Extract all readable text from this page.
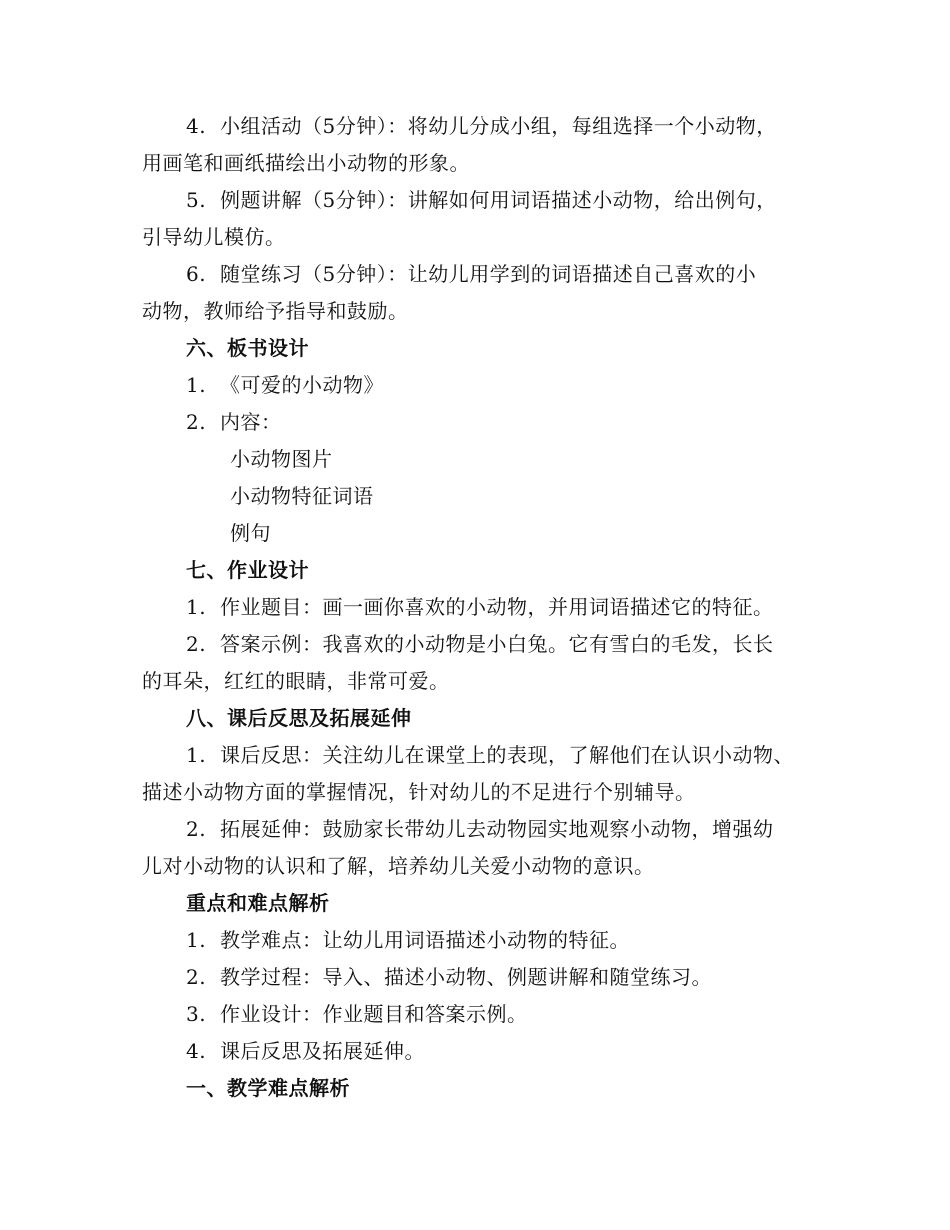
4. 小组活动（5分钟）：将幼儿分成小组，每组选择一个小动物，
用画笔和画纸描绘出小动物的形象。
5. 例题讲解（5分钟）：讲解如何用词语描述小动物，给出例句，
引导幼儿模仿。
6. 随堂练习（5分钟）：让幼儿用学到的词语描述自己喜欢的小
动物，教师给予指导和鼓励。
六、板书设计
1. 《可爱的小动物》
2. 内容：
小动物图片
小动物特征词语
例句
七、作业设计
1. 作业题目：画一画你喜欢的小动物，并用词语描述它的特征。
2. 答案示例：我喜欢的小动物是小白兔。它有雪白的毛发，长长
的耳朵，红红的眼睛，非常可爱。
八、课后反思及拓展延伸
1. 课后反思：关注幼儿在课堂上的表现，了解他们在认识小动物、
描述小动物方面的掌握情况，针对幼儿的不足进行个别辅导。
2. 拓展延伸：鼓励家长带幼儿去动物园实地观察小动物，增强幼
儿对小动物的认识和了解，培养幼儿关爱小动物的意识。
重点和难点解析
1. 教学难点：让幼儿用词语描述小动物的特征。
2. 教学过程：导入、描述小动物、例题讲解和随堂练习。
3. 作业设计：作业题目和答案示例。
4. 课后反思及拓展延伸。
一、教学难点解析
